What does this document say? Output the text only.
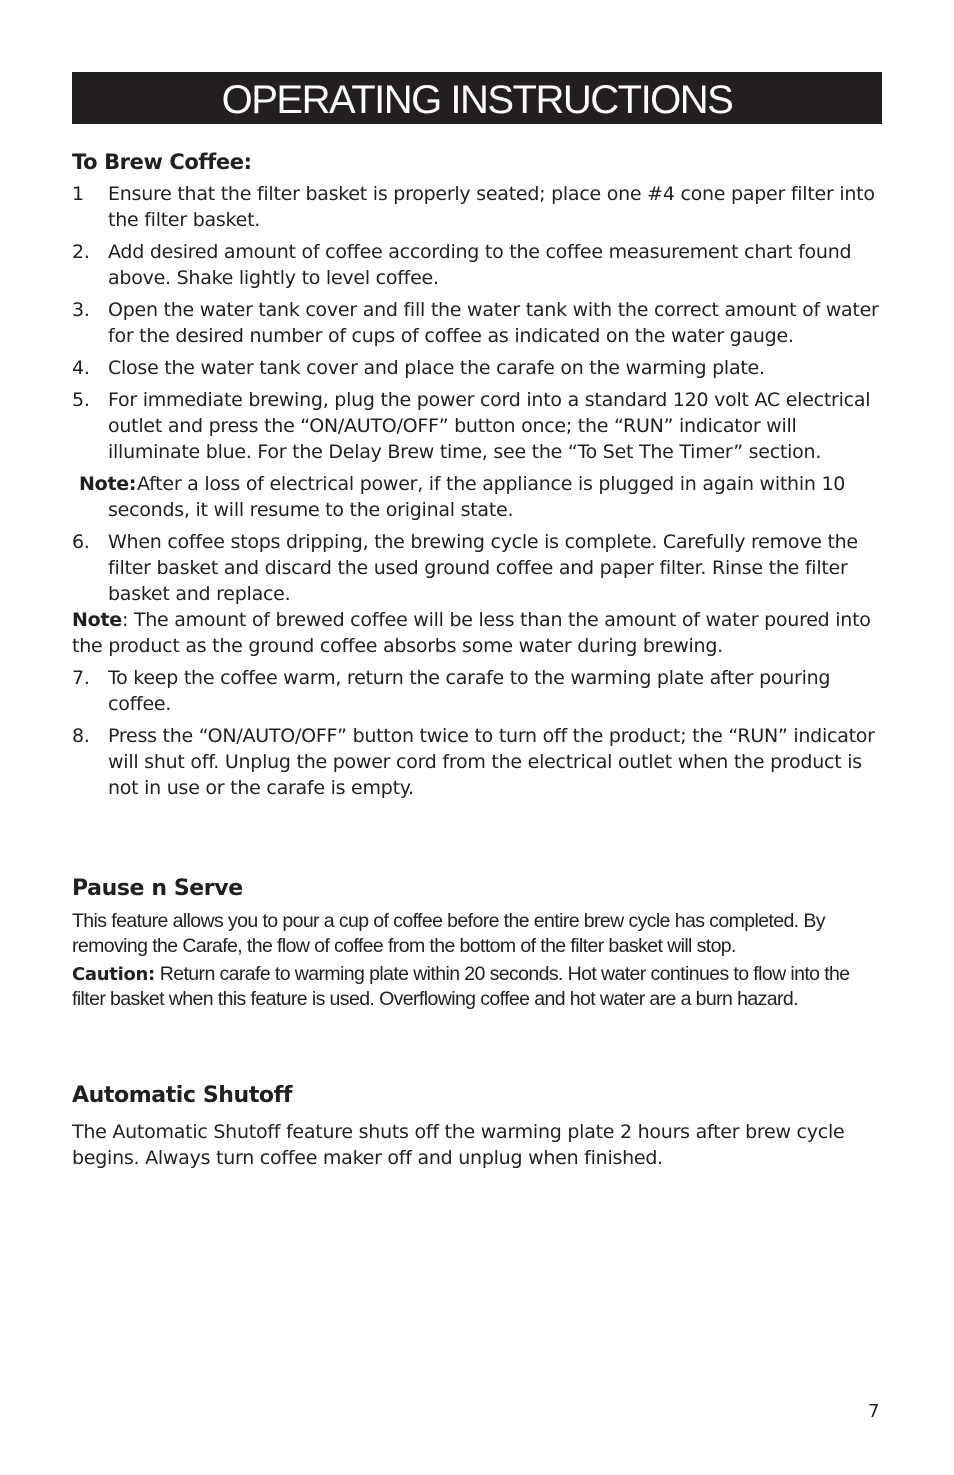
OPERATING INSTRUCTIONS
To Brew Coffee:
1 Ensure that the filter basket is properly seated; place one #4 cone paper filter into the filter basket.
2. Add desired amount of coffee according to the coffee measurement chart found above. Shake lightly to level coffee.
3. Open the water tank cover and fill the water tank with the correct amount of water for the desired number of cups of coffee as indicated on the water gauge.
4. Close the water tank cover and place the carafe on the warming plate.
5. For immediate brewing, plug the power cord into a standard 120 volt AC electrical outlet and press the “ON/AUTO/OFF” button once; the “RUN” indicator will illuminate blue. For the Delay Brew time, see the “To Set The Timer” section.
Note: After a loss of electrical power, if the appliance is plugged in again within 10 seconds, it will resume to the original state.
6. When coffee stops dripping, the brewing cycle is complete. Carefully remove the filter basket and discard the used ground coffee and paper filter. Rinse the filter basket and replace.
Note: The amount of brewed coffee will be less than the amount of water poured into the product as the ground coffee absorbs some water during brewing.
7. To keep the coffee warm, return the carafe to the warming plate after pouring coffee.
8. Press the “ON/AUTO/OFF” button twice to turn off the product; the “RUN” indicator will shut off. Unplug the power cord from the electrical outlet when the product is not in use or the carafe is empty.
Pause n Serve
This feature allows you to pour a cup of coffee before the entire brew cycle has completed. By removing the Carafe, the flow of coffee from the bottom of the filter basket will stop.
Caution: Return carafe to warming plate within 20 seconds. Hot water continues to flow into the filter basket when this feature is used. Overflowing coffee and hot water are a burn hazard.
Automatic Shutoff
The Automatic Shutoff feature shuts off the warming plate 2 hours after brew cycle begins. Always turn coffee maker off and unplug when finished.
7
